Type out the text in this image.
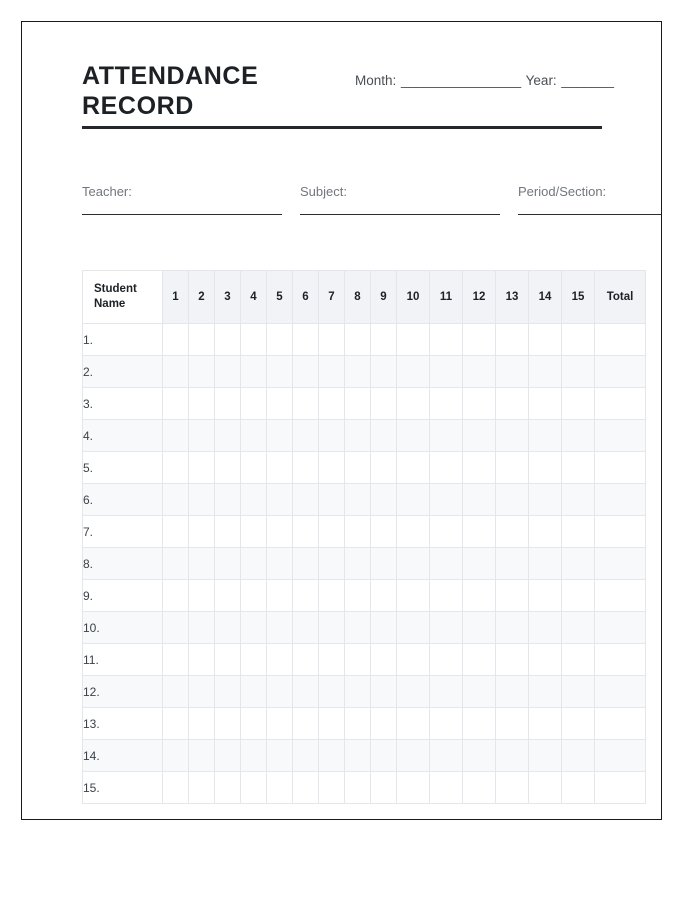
ATTENDANCE
RECORD
Month: ________________ Year: _______
Teacher:	Subject:	Period/Section:
Student Name	1	2	3	4	5	6	7	8	9	10	11	12	13	14	15	Total
1.																
2.																
3.																
4.																
5.																
6.																
7.																
8.																
9.																
10.																
11.																
12.																
13.																
14.																
15.																
